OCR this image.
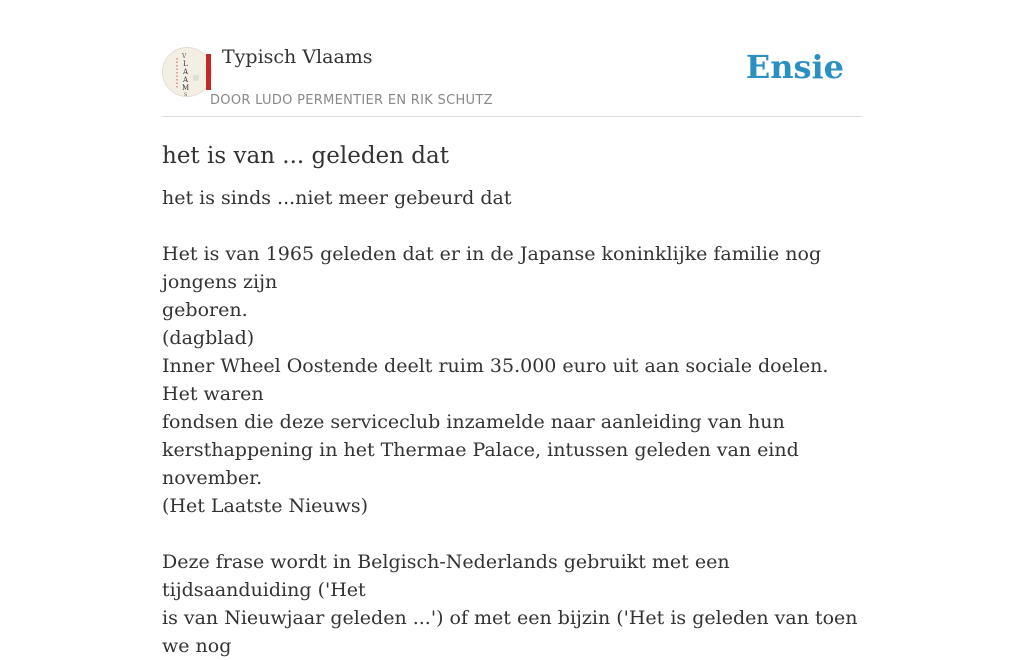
V
L
A
A
M
S
Typisch Vlaams
DOOR LUDO PERMENTIER EN RIK SCHUTZ
Ensie
het is van ... geleden dat

het is sinds ...niet meer gebeurd dat

Het is van 1965 geleden dat er in de Japanse koninklijke familie nog jongens zijn

geboren.

(dagblad)

Inner Wheel Oostende deelt ruim 35.000 euro uit aan sociale doelen. Het waren

fondsen die deze serviceclub inzamelde naar aanleiding van hun

kersthappening in het Thermae Palace, intussen geleden van eind november.

(Het Laatste Nieuws)

Deze frase wordt in Belgisch-Nederlands gebruikt met een tijdsaanduiding ('Het

is van Nieuwjaar geleden ...') of met een bijzin ('Het is geleden van toen we nog
